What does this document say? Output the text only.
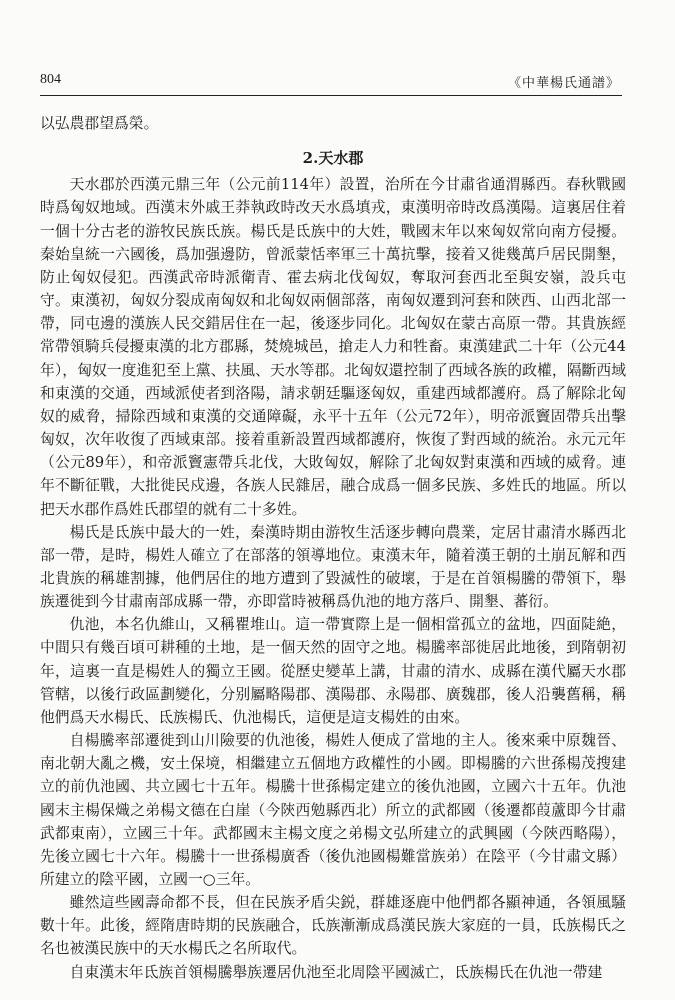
804	《中華楊氏通譜》

以弘農郡望爲榮。

2.天水郡

天水郡於西漢元鼎三年（公元前114年）設置，治所在今甘肅省通渭縣西。春秋戰國時爲匈奴地域。西漢末外戚王莽執政時改天水爲填戎，東漢明帝時改爲漢陽。這裏居住着一個十分古老的游牧民族氐族。楊氏是氐族中的大姓，戰國末年以來匈奴常向南方侵擾。秦始皇統一六國後，爲加强邊防，曾派蒙恬率軍三十萬抗擊，接着又徙幾萬戶居民開墾，防止匈奴侵犯。西漢武帝時派衛青、霍去病北伐匈奴，奪取河套西北至與安嶺，設兵屯守。東漢初，匈奴分裂成南匈奴和北匈奴兩個部落，南匈奴遷到河套和陝西、山西北部一帶，同屯邊的漢族人民交錯居住在一起，後逐步同化。北匈奴在蒙古高原一帶。其貴族經常帶領騎兵侵擾東漢的北方郡縣，焚燒城邑，搶走人力和牲畜。東漢建武二十年（公元44年），匈奴一度進犯至上黨、扶風、天水等郡。北匈奴還控制了西域各族的政權，隔斷西域和東漢的交通，西域派使者到洛陽，請求朝廷驅逐匈奴，重建西域都護府。爲了解除北匈奴的威脅，掃除西域和東漢的交通障礙，永平十五年（公元72年），明帝派竇固帶兵出擊匈奴，次年收復了西域東部。接着重新設置西域都護府，恢復了對西域的統治。永元元年（公元89年），和帝派竇憲帶兵北伐，大敗匈奴，解除了北匈奴對東漢和西域的威脅。連年不斷征戰，大批徙民戍邊，各族人民雜居，融合成爲一個多民族、多姓氏的地區。所以把天水郡作爲姓氏郡望的就有二十多姓。

楊氏是氐族中最大的一姓，秦漢時期由游牧生活逐步轉向農業，定居甘肅清水縣西北部一帶，是時，楊姓人確立了在部落的領導地位。東漢末年，隨着漢王朝的土崩瓦解和西北貴族的稱雄割據，他們居住的地方遭到了毀滅性的破壞，于是在首領楊騰的帶領下，舉族遷徙到今甘肅南部成縣一帶，亦即當時被稱爲仇池的地方落戶、開墾、蕃衍。

仇池，本名仇維山，又稱瞿堆山。這一帶實際上是一個相當孤立的盆地，四面陡絶，中間只有幾百頃可耕種的土地，是一個天然的固守之地。楊騰率部徙居此地後，到隋朝初年，這裏一直是楊姓人的獨立王國。從歷史變革上講，甘肅的清水、成縣在漢代屬天水郡管轄，以後行政區劃變化，分别屬略陽郡、漢陽郡、永陽郡、廣魏郡，後人沿襲舊稱，稱他們爲天水楊氏、氐族楊氏、仇池楊氏，這便是這支楊姓的由來。

自楊騰率部遷徙到山川險要的仇池後，楊姓人便成了當地的主人。後來乘中原魏晉、南北朝大亂之機，安土保境，相繼建立五個地方政權性的小國。即楊騰的六世孫楊茂搜建立的前仇池國、共立國七十五年。楊騰十世孫楊定建立的後仇池國，立國六十五年。仇池國末主楊保熾之弟楊文德在白崖（今陝西勉縣西北）所立的武都國（後遷都葭蘆即今甘肅武都東南），立國三十年。武都國末主楊文度之弟楊文弘所建立的武興國（今陝西略陽），先後立國七十六年。楊騰十一世孫楊廣香（後仇池國楊難當族弟）在陰平（今甘肅文縣）所建立的陰平國，立國一○三年。

雖然這些國壽命都不長，但在民族矛盾尖鋭，群雄逐鹿中他們都各顯神通，各領風騷數十年。此後，經隋唐時期的民族融合，氐族漸漸成爲漢民族大家庭的一員，氐族楊氏之名也被漢民族中的天水楊氏之名所取代。

自東漢末年氐族首領楊騰舉族遷居仇池至北周陰平國滅亡，氐族楊氏在仇池一帶建
